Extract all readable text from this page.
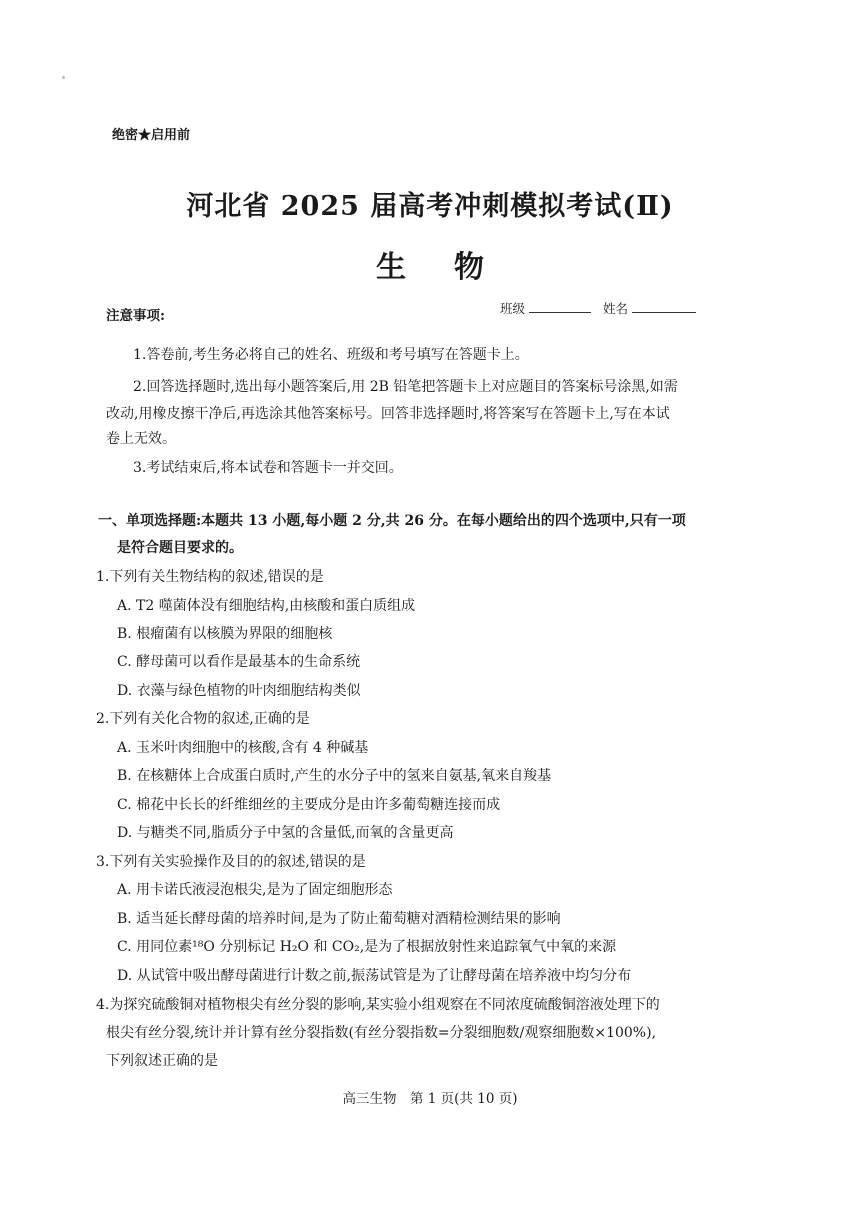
绝密★启用前
河北省 2025 届高考冲刺模拟考试(Ⅱ)
生 物
注意事项:	班级	姓名
1.答卷前,考生务必将自己的姓名、班级和考号填写在答题卡上。
2.回答选择题时,选出每小题答案后,用 2B 铅笔把答题卡上对应题目的答案标号涂黑,如需
改动,用橡皮擦干净后,再选涂其他答案标号。回答非选择题时,将答案写在答题卡上,写在本试
卷上无效。
3.考试结束后,将本试卷和答题卡一并交回。
一、单项选择题:本题共 13 小题,每小题 2 分,共 26 分。在每小题给出的四个选项中,只有一项
是符合题目要求的。
1.下列有关生物结构的叙述,错误的是
A. T2 噬菌体没有细胞结构,由核酸和蛋白质组成
B. 根瘤菌有以核膜为界限的细胞核
C. 酵母菌可以看作是最基本的生命系统
D. 衣藻与绿色植物的叶肉细胞结构类似
2.下列有关化合物的叙述,正确的是
A. 玉米叶肉细胞中的核酸,含有 4 种碱基
B. 在核糖体上合成蛋白质时,产生的水分子中的氢来自氨基,氧来自羧基
C. 棉花中长长的纤维细丝的主要成分是由许多葡萄糖连接而成
D. 与糖类不同,脂质分子中氢的含量低,而氧的含量更高
3.下列有关实验操作及目的的叙述,错误的是
A. 用卡诺氏液浸泡根尖,是为了固定细胞形态
B. 适当延长酵母菌的培养时间,是为了防止葡萄糖对酒精检测结果的影响
C. 用同位素¹⁸O 分别标记 H₂O 和 CO₂,是为了根据放射性来追踪氧气中氧的来源
D. 从试管中吸出酵母菌进行计数之前,振荡试管是为了让酵母菌在培养液中均匀分布
4.为探究硫酸铜对植物根尖有丝分裂的影响,某实验小组观察在不同浓度硫酸铜溶液处理下的
根尖有丝分裂,统计并计算有丝分裂指数(有丝分裂指数=分裂细胞数/观察细胞数×100%),
下列叙述正确的是
高三生物　第 1 页(共 10 页)
